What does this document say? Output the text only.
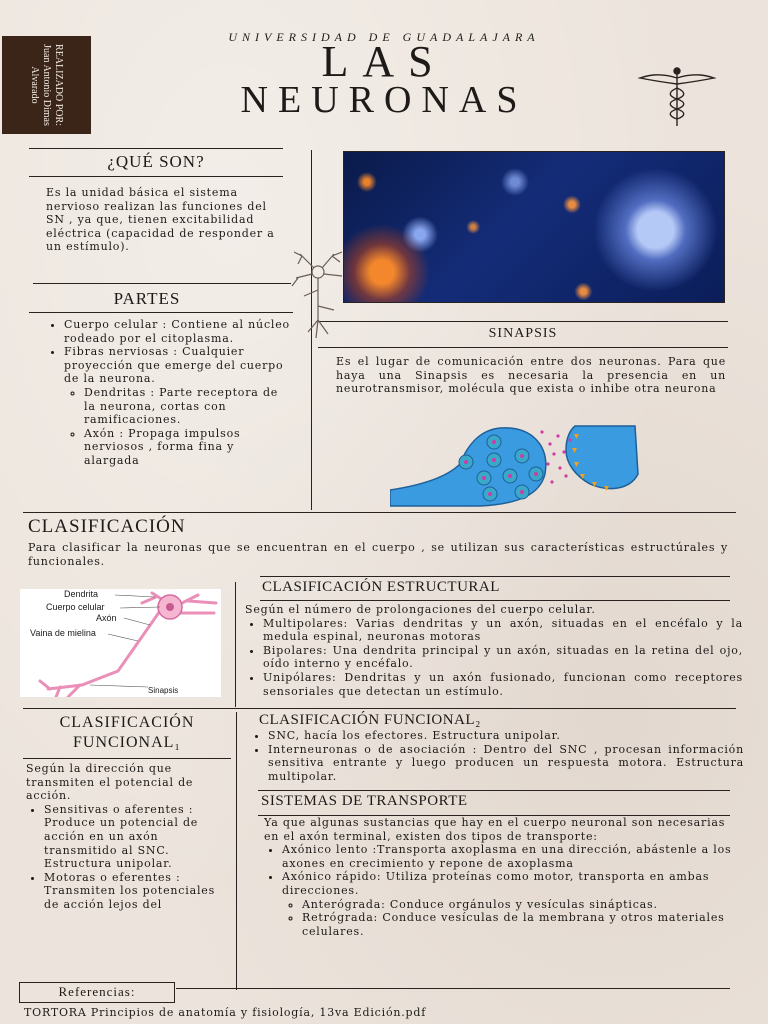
REALIZADO POR:
Juan Antonio Dimas
Alvarado
UNIVERSIDAD DE GUADALAJARA
LAS
NEURONAS
¿QUÉ SON?
Es la unidad básica el sistema nervioso realizan las funciones del SN , ya que, tienen excitabilidad eléctrica (capacidad de responder a un estímulo).
PARTES
• Cuerpo celular : Contiene al núcleo rodeado por el citoplasma.
• Fibras nerviosas : Cualquier proyección que emerge del cuerpo de la neurona.
◦ Dendritas : Parte receptora de la neurona, cortas con ramificaciones.
◦ Axón : Propaga impulsos nerviosos , forma fina y alargada
SINAPSIS
Es el lugar de comunicación entre dos neuronas. Para que haya una Sinapsis es necesaria la presencia en un neurotransmisor, molécula que exista o inhibe otra neurona
CLASIFICACIÓN
Para clasificar la neuronas que se encuentran en el cuerpo , se utilizan sus características estructúrales y funcionales.
Dendrita
Cuerpo celular
Axón
Vaina de mielina
Sinapsis
CLASIFICACIÓN ESTRUCTURAL

Según el número de prolongaciones del cuerpo celular.

• Multipolares: Varias dendritas y un axón, situadas en el encéfalo y la medula espinal, neuronas motoras
• Bipolares: Una dendrita principal y un axón, situadas en la retina del ojo, oído interno y encéfalo.
• Unipólares: Dendritas y un axón fusionado, funcionan como receptores sensoriales que detectan un estímulo.
CLASIFICACIÓN
FUNCIONAL₁

Según la dirección que transmiten el potencial de acción.

• Sensitivas o aferentes : Produce un potencial de acción en un axón transmitido al SNC. Estructura unipolar.
• Motoras o eferentes : Transmiten los potenciales de acción lejos del
CLASIFICACIÓN FUNCIONAL₂
• SNC, hacía los efectores. Estructura unipolar.
• Interneuronas o de asociación : Dentro del SNC , procesan información sensitiva entrante y luego producen un respuesta motora. Estructura multipolar.
SISTEMAS DE TRANSPORTE

Ya que algunas sustancias que hay en el cuerpo neuronal son necesarias en el axón terminal, existen dos tipos de transporte:

• Axónico lento :Transporta axoplasma en una dirección, abástenle a los axones en crecimiento y repone de axoplasma
• Axónico rápido: Utiliza proteínas como motor, transporta en ambas direcciones.
◦ Anterógrada: Conduce orgánulos y vesículas sinápticas.
◦ Retrógrada: Conduce vesículas de la membrana y otros materiales celulares.
Referencias:
TORTORA Principios de anatomía y fisiología, 13va Edición.pdf
